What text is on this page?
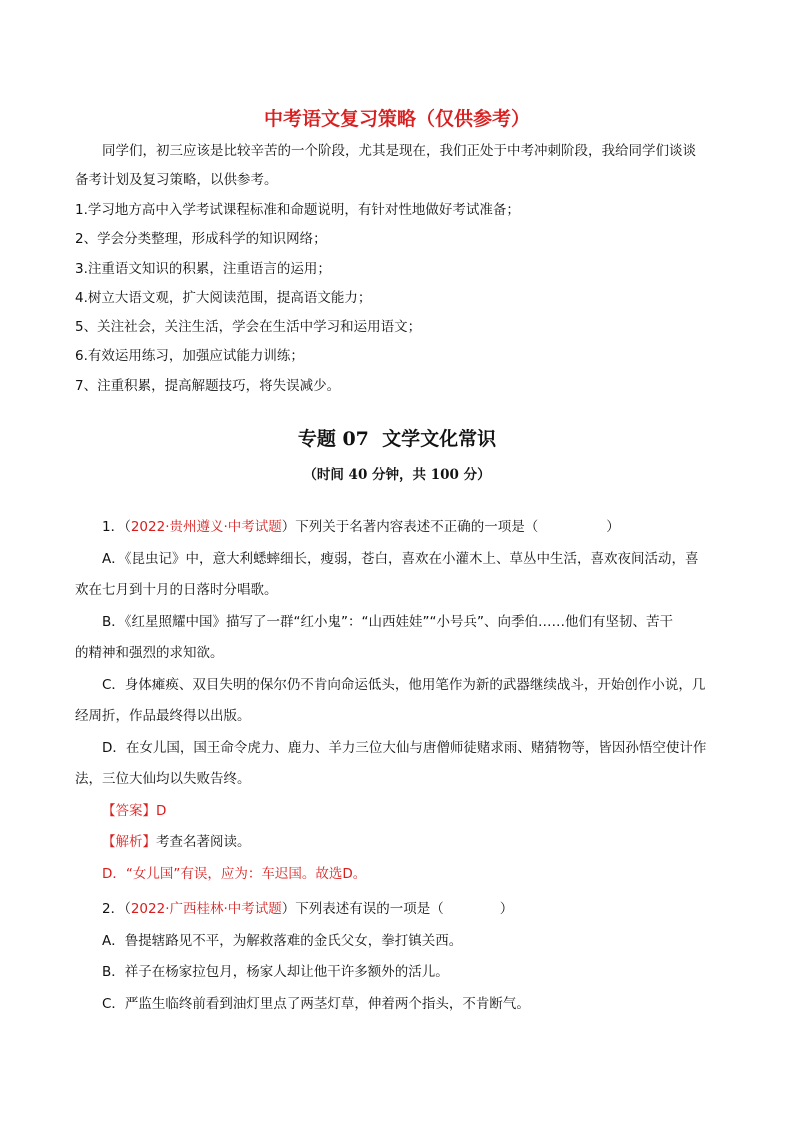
中考语文复习策略（仅供参考）
同学们，初三应该是比较辛苦的一个阶段，尤其是现在，我们正处于中考冲刺阶段，我给同学们谈谈
备考计划及复习策略，以供参考。
1.学习地方高中入学考试课程标准和命题说明，有针对性地做好考试准备；
2、学会分类整理，形成科学的知识网络；
3.注重语文知识的积累，注重语言的运用；
4.树立大语文观，扩大阅读范围，提高语文能力；
5、关注社会，关注生活，学会在生活中学习和运用语文；
6.有效运用练习，加强应试能力训练；
7、注重积累，提高解题技巧，将失误减少。
专题 07  文学文化常识
（时间 40 分钟，共 100 分）
1．（2022·贵州遵义·中考试题）下列关于名著内容表述不正确的一项是（	）
A．《昆虫记》中，意大利蟋蟀细长，瘦弱，苍白，喜欢在小灌木上、草丛中生活，喜欢夜间活动，喜
欢在七月到十月的日落时分唱歌。
B．《红星照耀中国》描写了一群“红小鬼”：“山西娃娃”“小号兵”、向季伯……他们有坚韧、苦干
的精神和强烈的求知欲。
C．身体瘫痪、双目失明的保尔仍不肯向命运低头，他用笔作为新的武器继续战斗，开始创作小说，几
经周折，作品最终得以出版。
D．在女儿国，国王命令虎力、鹿力、羊力三位大仙与唐僧师徒赌求雨、赌猜物等，皆因孙悟空使计作
法，三位大仙均以失败告终。
【答案】D
【解析】考查名著阅读。
D．“女儿国”有误，应为：车迟国。故选D。
2．（2022·广西桂林·中考试题）下列表述有误的一项是（	）
A．鲁提辖路见不平，为解救落难的金氏父女，拳打镇关西。
B．祥子在杨家拉包月，杨家人却让他干许多额外的活儿。
C．严监生临终前看到油灯里点了两茎灯草，伸着两个指头，不肯断气。
